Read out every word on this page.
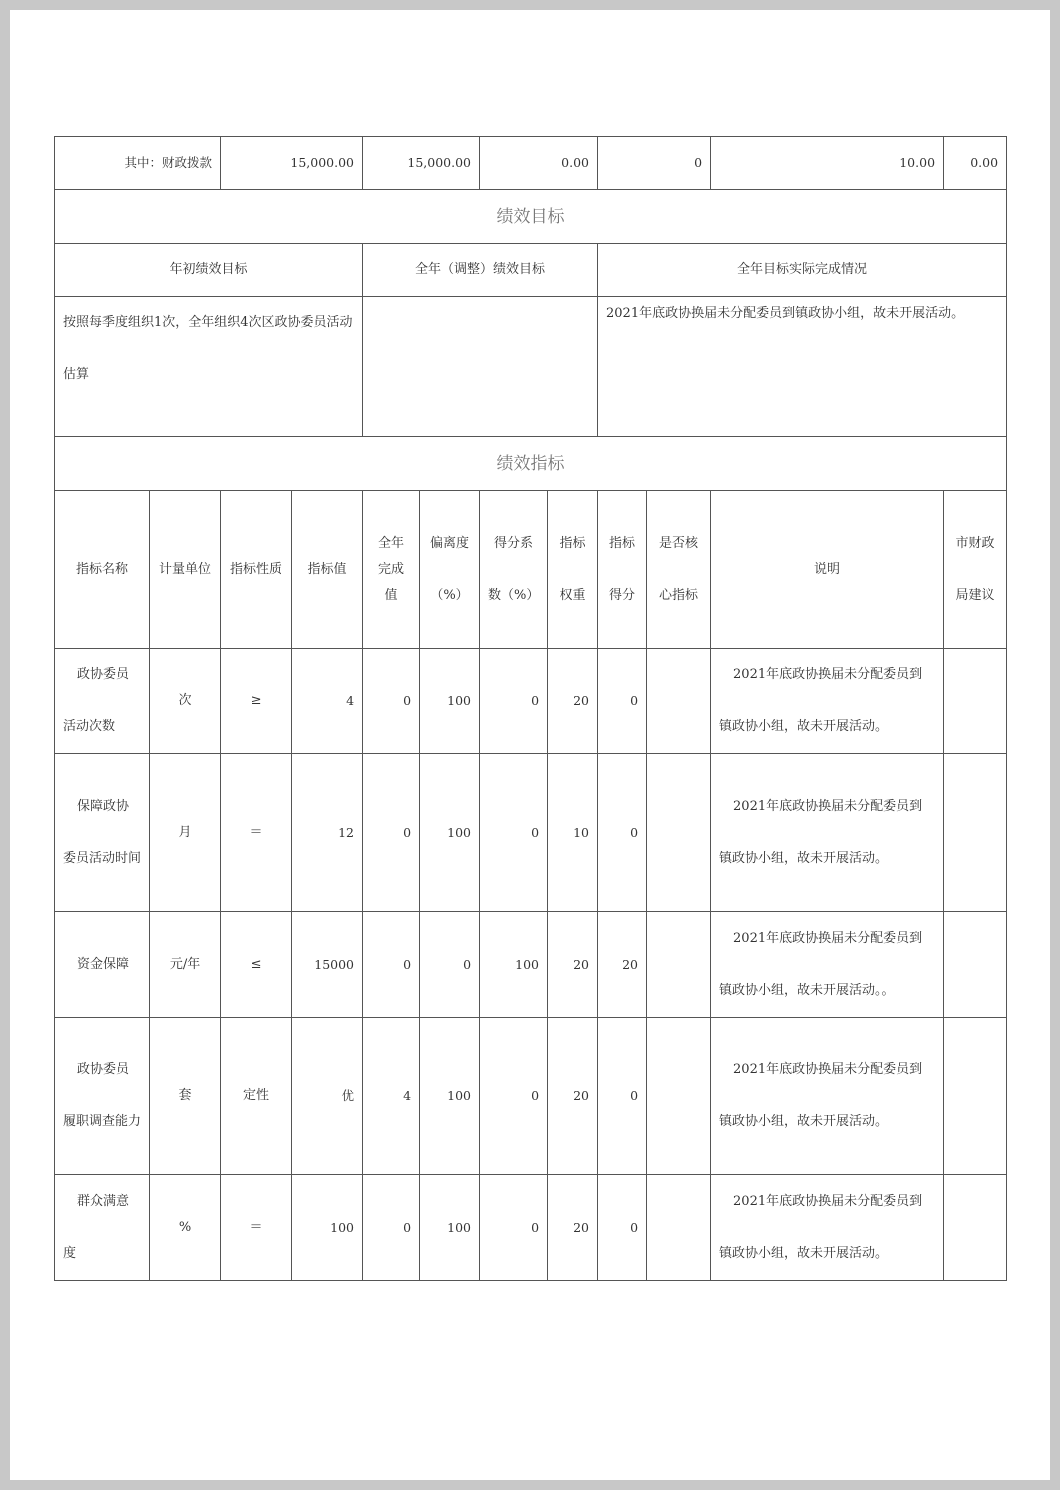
其中：财政拨款		15,000.00		15,000.00		0.00		0		10.00	0.00
绩效目标											
年初绩效目标				全年（调整）绩效目标				全年目标实际完成情况			
按照每季度组织1次，全年组织4次区政协委员活动估算								2021年底政协换届未分配委员到镇政协小组，故未开展活动。			
绩效指标											
指标名称	计量单位	指标性质	指标值	全年完成值	偏离度（%）	得分系数（%）	指标权重	指标得分	是否核心指标	说明	市财政局建议
政协委员活动次数	次	≥	4	0	100	0	20	0		2021年底政协换届未分配委员到镇政协小组，故未开展活动。	
保障政协委员活动时间	月	＝	12	0	100	0	10	0		2021年底政协换届未分配委员到镇政协小组，故未开展活动。	
资金保障	元/年	≤	15000	0	0	100	20	20		2021年底政协换届未分配委员到镇政协小组，故未开展活动。。	
政协委员履职调查能力	套	定性	优	4	100	0	20	0		2021年底政协换届未分配委员到镇政协小组，故未开展活动。	
群众满意度	%	＝	100	0	100	0	20	0		2021年底政协换届未分配委员到镇政协小组，故未开展活动。	
